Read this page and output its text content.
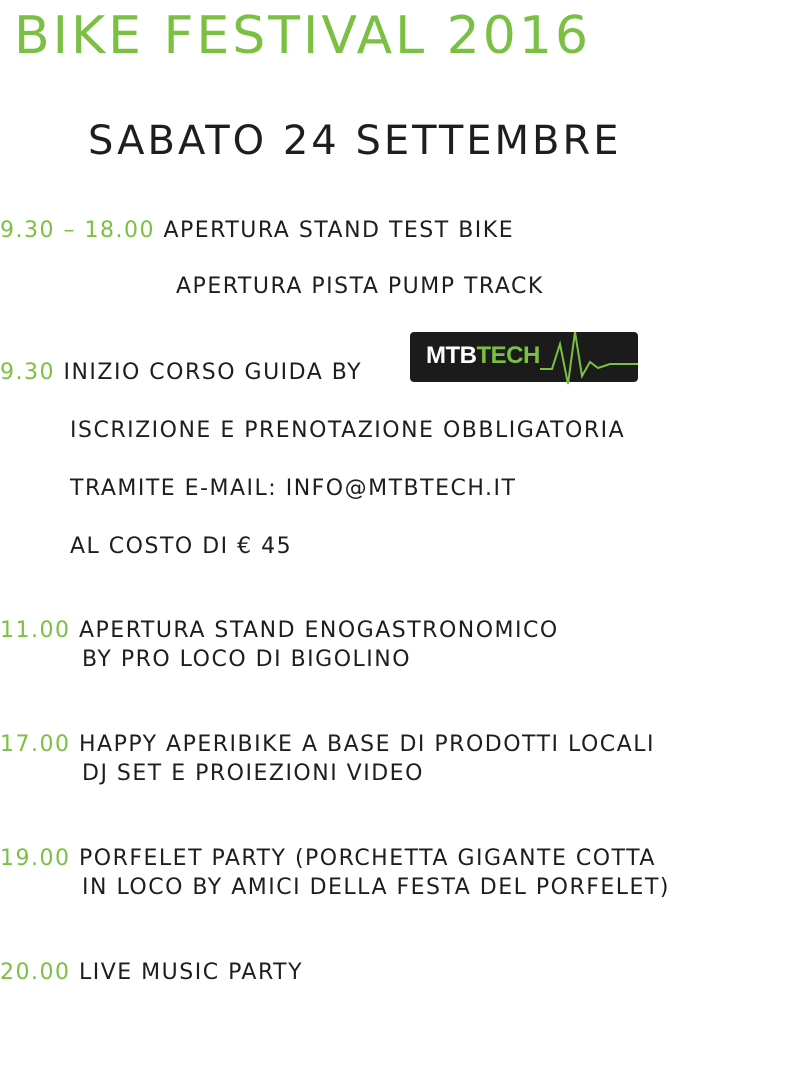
BIKE FESTIVAL 2016
SABATO 24 SETTEMBRE
9.30 – 18.00 APERTURA STAND TEST BIKE
APERTURA PISTA PUMP TRACK
9.30 INIZIO CORSO GUIDA BY
MTBTECH
ISCRIZIONE E PRENOTAZIONE OBBLIGATORIA
TRAMITE E-MAIL: INFO@MTBTECH.IT
AL COSTO DI € 45
11.00 APERTURA STAND ENOGASTRONOMICO
BY PRO LOCO DI BIGOLINO
17.00 HAPPY APERIBIKE A BASE DI PRODOTTI LOCALI
DJ SET E PROIEZIONI VIDEO
19.00 PORFELET PARTY (PORCHETTA GIGANTE COTTA
IN LOCO BY AMICI DELLA FESTA DEL PORFELET)
20.00 LIVE MUSIC PARTY
